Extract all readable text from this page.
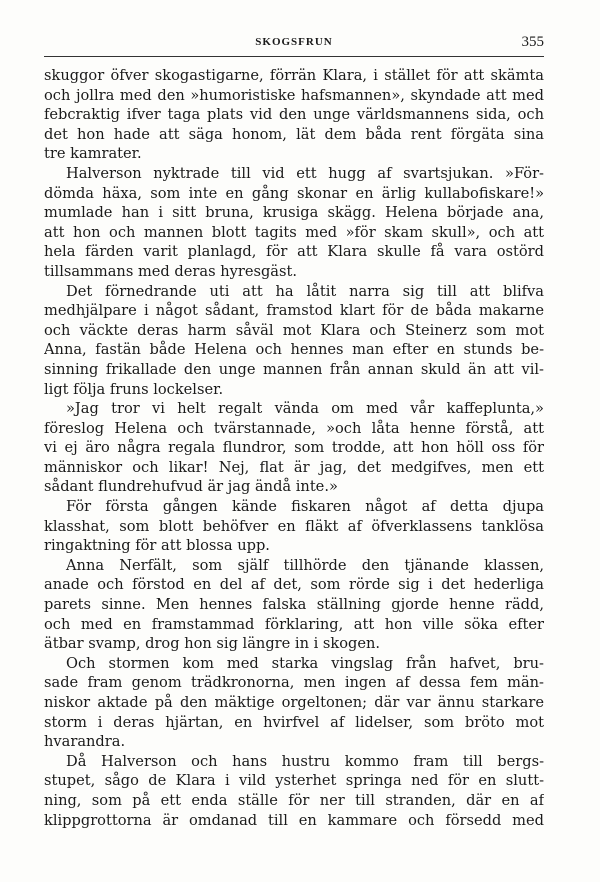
SKOGSFRUN	355
skuggor öfver skogastigarne, förrän Klara, i stället för att skämta
och jollra med den »humoristiske hafsmannen», skyndade att med
febcraktig ifver taga plats vid den unge världsmannens sida, och
det hon hade att säga honom, lät dem båda rent förgäta sina
tre kamrater.
Halverson nyktrade till vid ett hugg af svartsjukan. »För-
dömda häxa, som inte en gång skonar en ärlig kullabofiskare!»
mumlade han i sitt bruna, krusiga skägg. Helena började ana,
att hon och mannen blott tagits med »för skam skull», och att
hela färden varit planlagd, för att Klara skulle få vara ostörd
tillsammans med deras hyresgäst.
Det förnedrande uti att ha låtit narra sig till att blifva
medhjälpare i något sådant, framstod klart för de båda makarne
och väckte deras harm såväl mot Klara och Steinerz som mot
Anna, fastän både Helena och hennes man efter en stunds be-
sinning frikallade den unge mannen från annan skuld än att vil-
ligt följa fruns lockelser.
»Jag tror vi helt regalt vända om med vår kaffeplunta,»
föreslog Helena och tvärstannade, »och låta henne förstå, att
vi ej äro några regala flundror, som trodde, att hon höll oss för
människor och likar! Nej, flat är jag, det medgifves, men ett
sådant flundrehufvud är jag ändå inte.»
För första gången kände fiskaren något af detta djupa
klasshat, som blott behöfver en fläkt af öfverklassens tanklösa
ringaktning för att blossa upp.
Anna Nerfält, som själf tillhörde den tjänande klassen,
anade och förstod en del af det, som rörde sig i det hederliga
parets sinne. Men hennes falska ställning gjorde henne rädd,
och med en framstammad förklaring, att hon ville söka efter
ätbar svamp, drog hon sig längre in i skogen.
Och stormen kom med starka vingslag från hafvet, bru-
sade fram genom trädkronorna, men ingen af dessa fem män-
niskor aktade på den mäktige orgeltonen; där var ännu starkare
storm i deras hjärtan, en hvirfvel af lidelser, som bröto mot
hvarandra.
Då Halverson och hans hustru kommo fram till bergs-
stupet, sågo de Klara i vild ysterhet springa ned för en slutt-
ning, som på ett enda ställe för ner till stranden, där en af
klippgrottorna är omdanad till en kammare och försedd med
